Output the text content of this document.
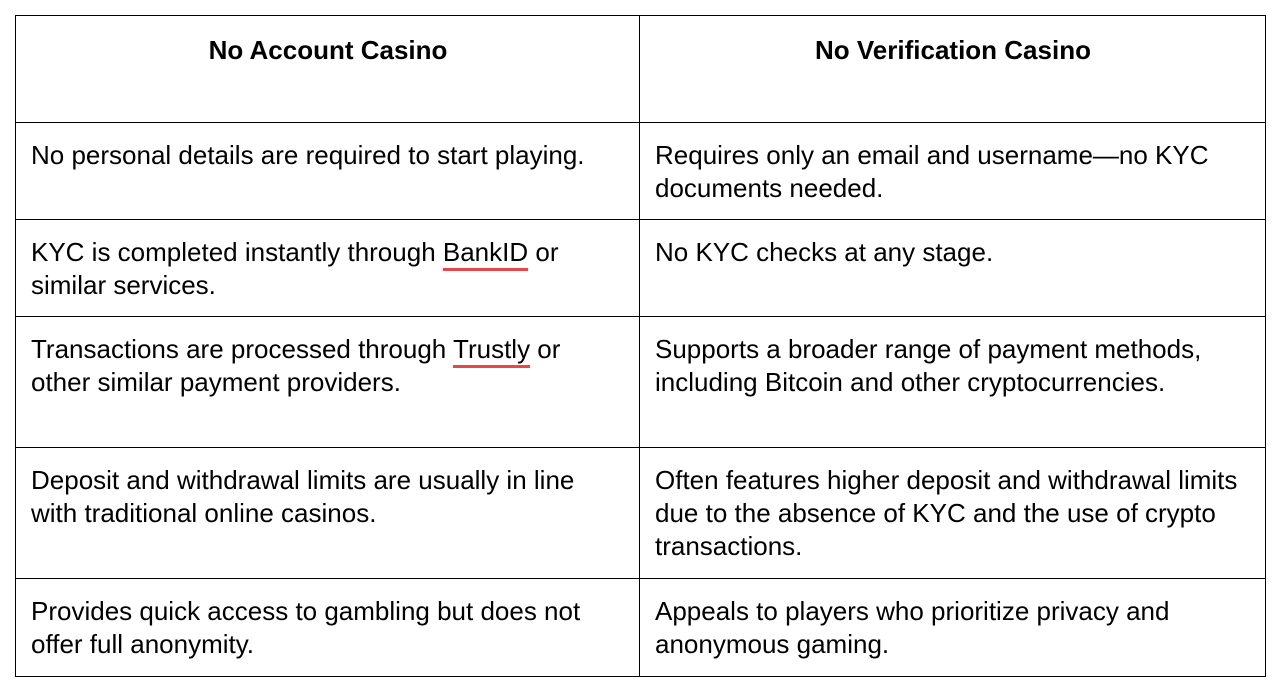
No Account Casino	No Verification Casino
No personal details are required to start playing.	Requires only an email and username—no KYC documents needed.
KYC is completed instantly through BankID or similar services.	No KYC checks at any stage.
Transactions are processed through Trustly or other similar payment providers.	Supports a broader range of payment methods, including Bitcoin and other cryptocurrencies.
Deposit and withdrawal limits are usually in line with traditional online casinos.	Often features higher deposit and withdrawal limits due to the absence of KYC and the use of crypto transactions.
Provides quick access to gambling but does not offer full anonymity.	Appeals to players who prioritize privacy and anonymous gaming.
